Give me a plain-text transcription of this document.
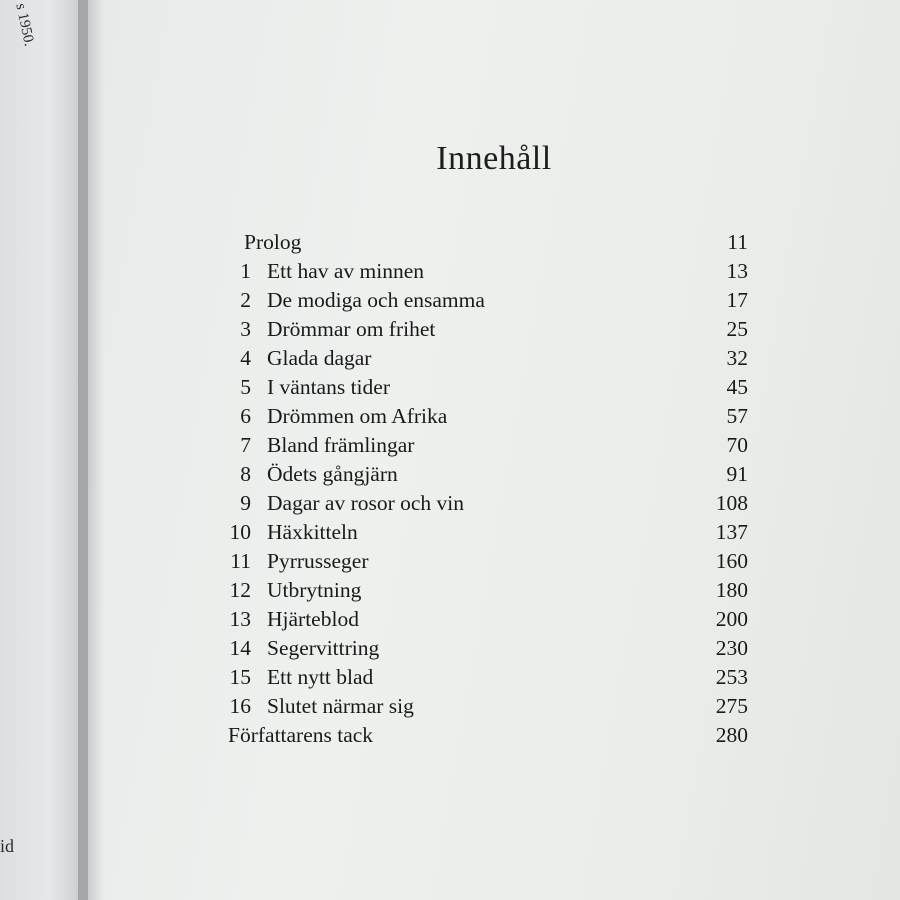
s 1950.
id
Innehåll
Prolog	11
1 Ett hav av minnen	13
2 De modiga och ensamma	17
3 Drömmar om frihet	25
4 Glada dagar	32
5 I väntans tider	45
6 Drömmen om Afrika	57
7 Bland främlingar	70
8 Ödets gångjärn	91
9 Dagar av rosor och vin	108
10 Häxkitteln	137
11 Pyrrusseger	160
12 Utbrytning	180
13 Hjärteblod	200
14 Segervittring	230
15 Ett nytt blad	253
16 Slutet närmar sig	275
Författarens tack	280
